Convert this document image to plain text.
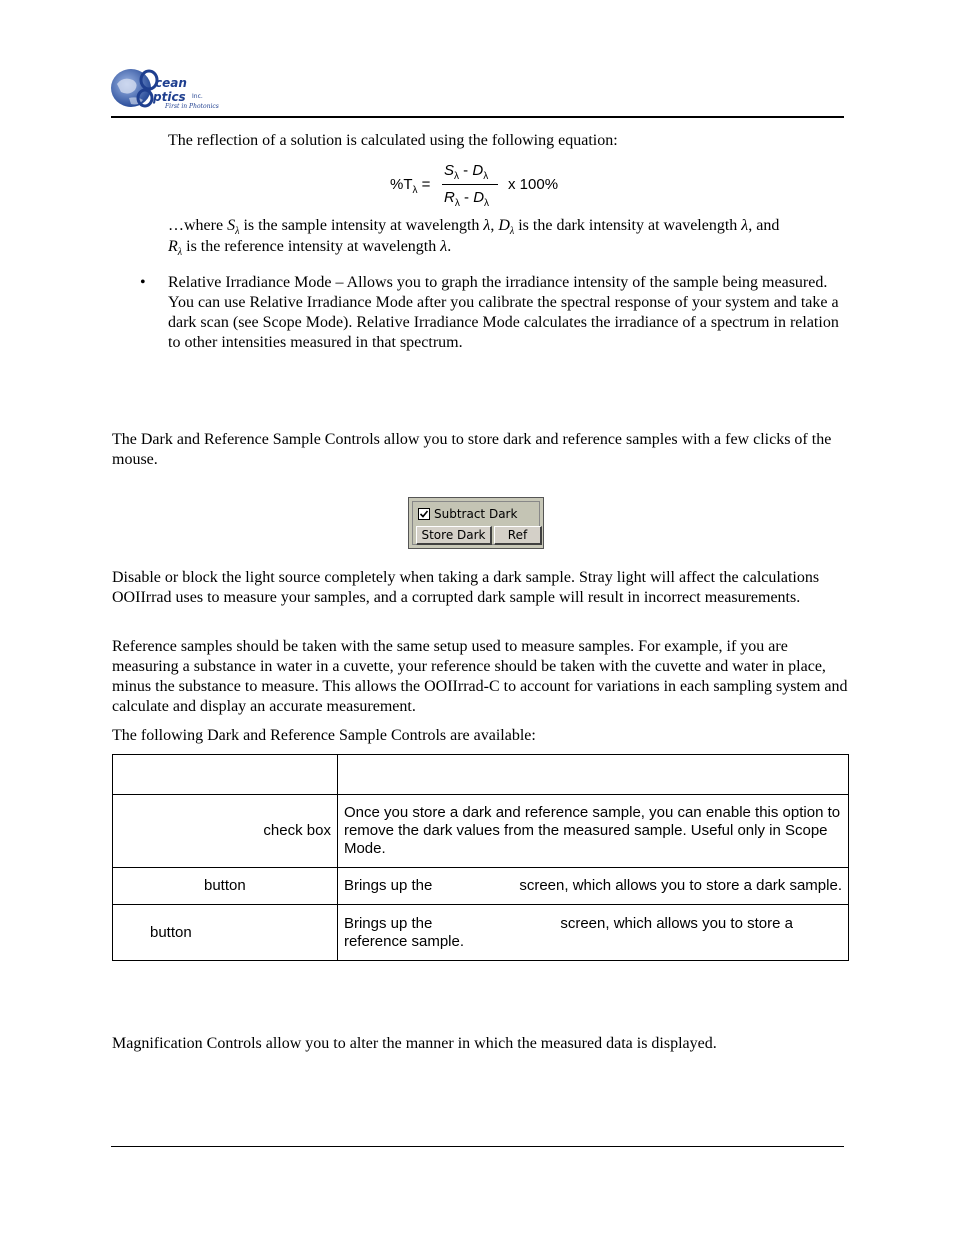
cean
ptics Inc.
First in Photonics
The reflection of a solution is calculated using the following equation:
$\%T_\lambda$ =
$S_\lambda - D_\lambda$
$R_\lambda - D_\lambda$
x 100%
…where $S_\lambda$ is the sample intensity at wavelength λ, $D_\lambda$ is the dark intensity at wavelength λ, and
$R_\lambda$ is the reference intensity at wavelength λ.
• Relative Irradiance Mode – Allows you to graph the irradiance intensity of the sample being measured. You can use Relative Irradiance Mode after you calibrate the spectral response of your system and take a dark scan (see Scope Mode). Relative Irradiance Mode calculates the irradiance of a spectrum in relation to other intensities measured in that spectrum.
The Dark and Reference Sample Controls allow you to store dark and reference samples with a few clicks of the mouse.
Subtract Dark
Store Dark	Ref
Disable or block the light source completely when taking a dark sample. Stray light will affect the calculations OOIIrrad uses to measure your samples, and a corrupted dark sample will result in incorrect measurements.
Reference samples should be taken with the same setup used to measure samples. For example, if you are measuring a substance in water in a cuvette, your reference should be taken with the cuvette and water in place, minus the substance to measure. This allows the OOIIrrad-C to account for variations in each sampling system and calculate and display an accurate measurement.
The following Dark and Reference Sample Controls are available:

check box	Once you store a dark and reference sample, you can enable this option to remove the dark values from the measured sample. Useful only in Scope Mode.
button	Brings up the screen, which allows you to store a dark sample.
button	Brings up the screen, which allows you to store a
reference sample.
Magnification Controls allow you to alter the manner in which the measured data is displayed.
